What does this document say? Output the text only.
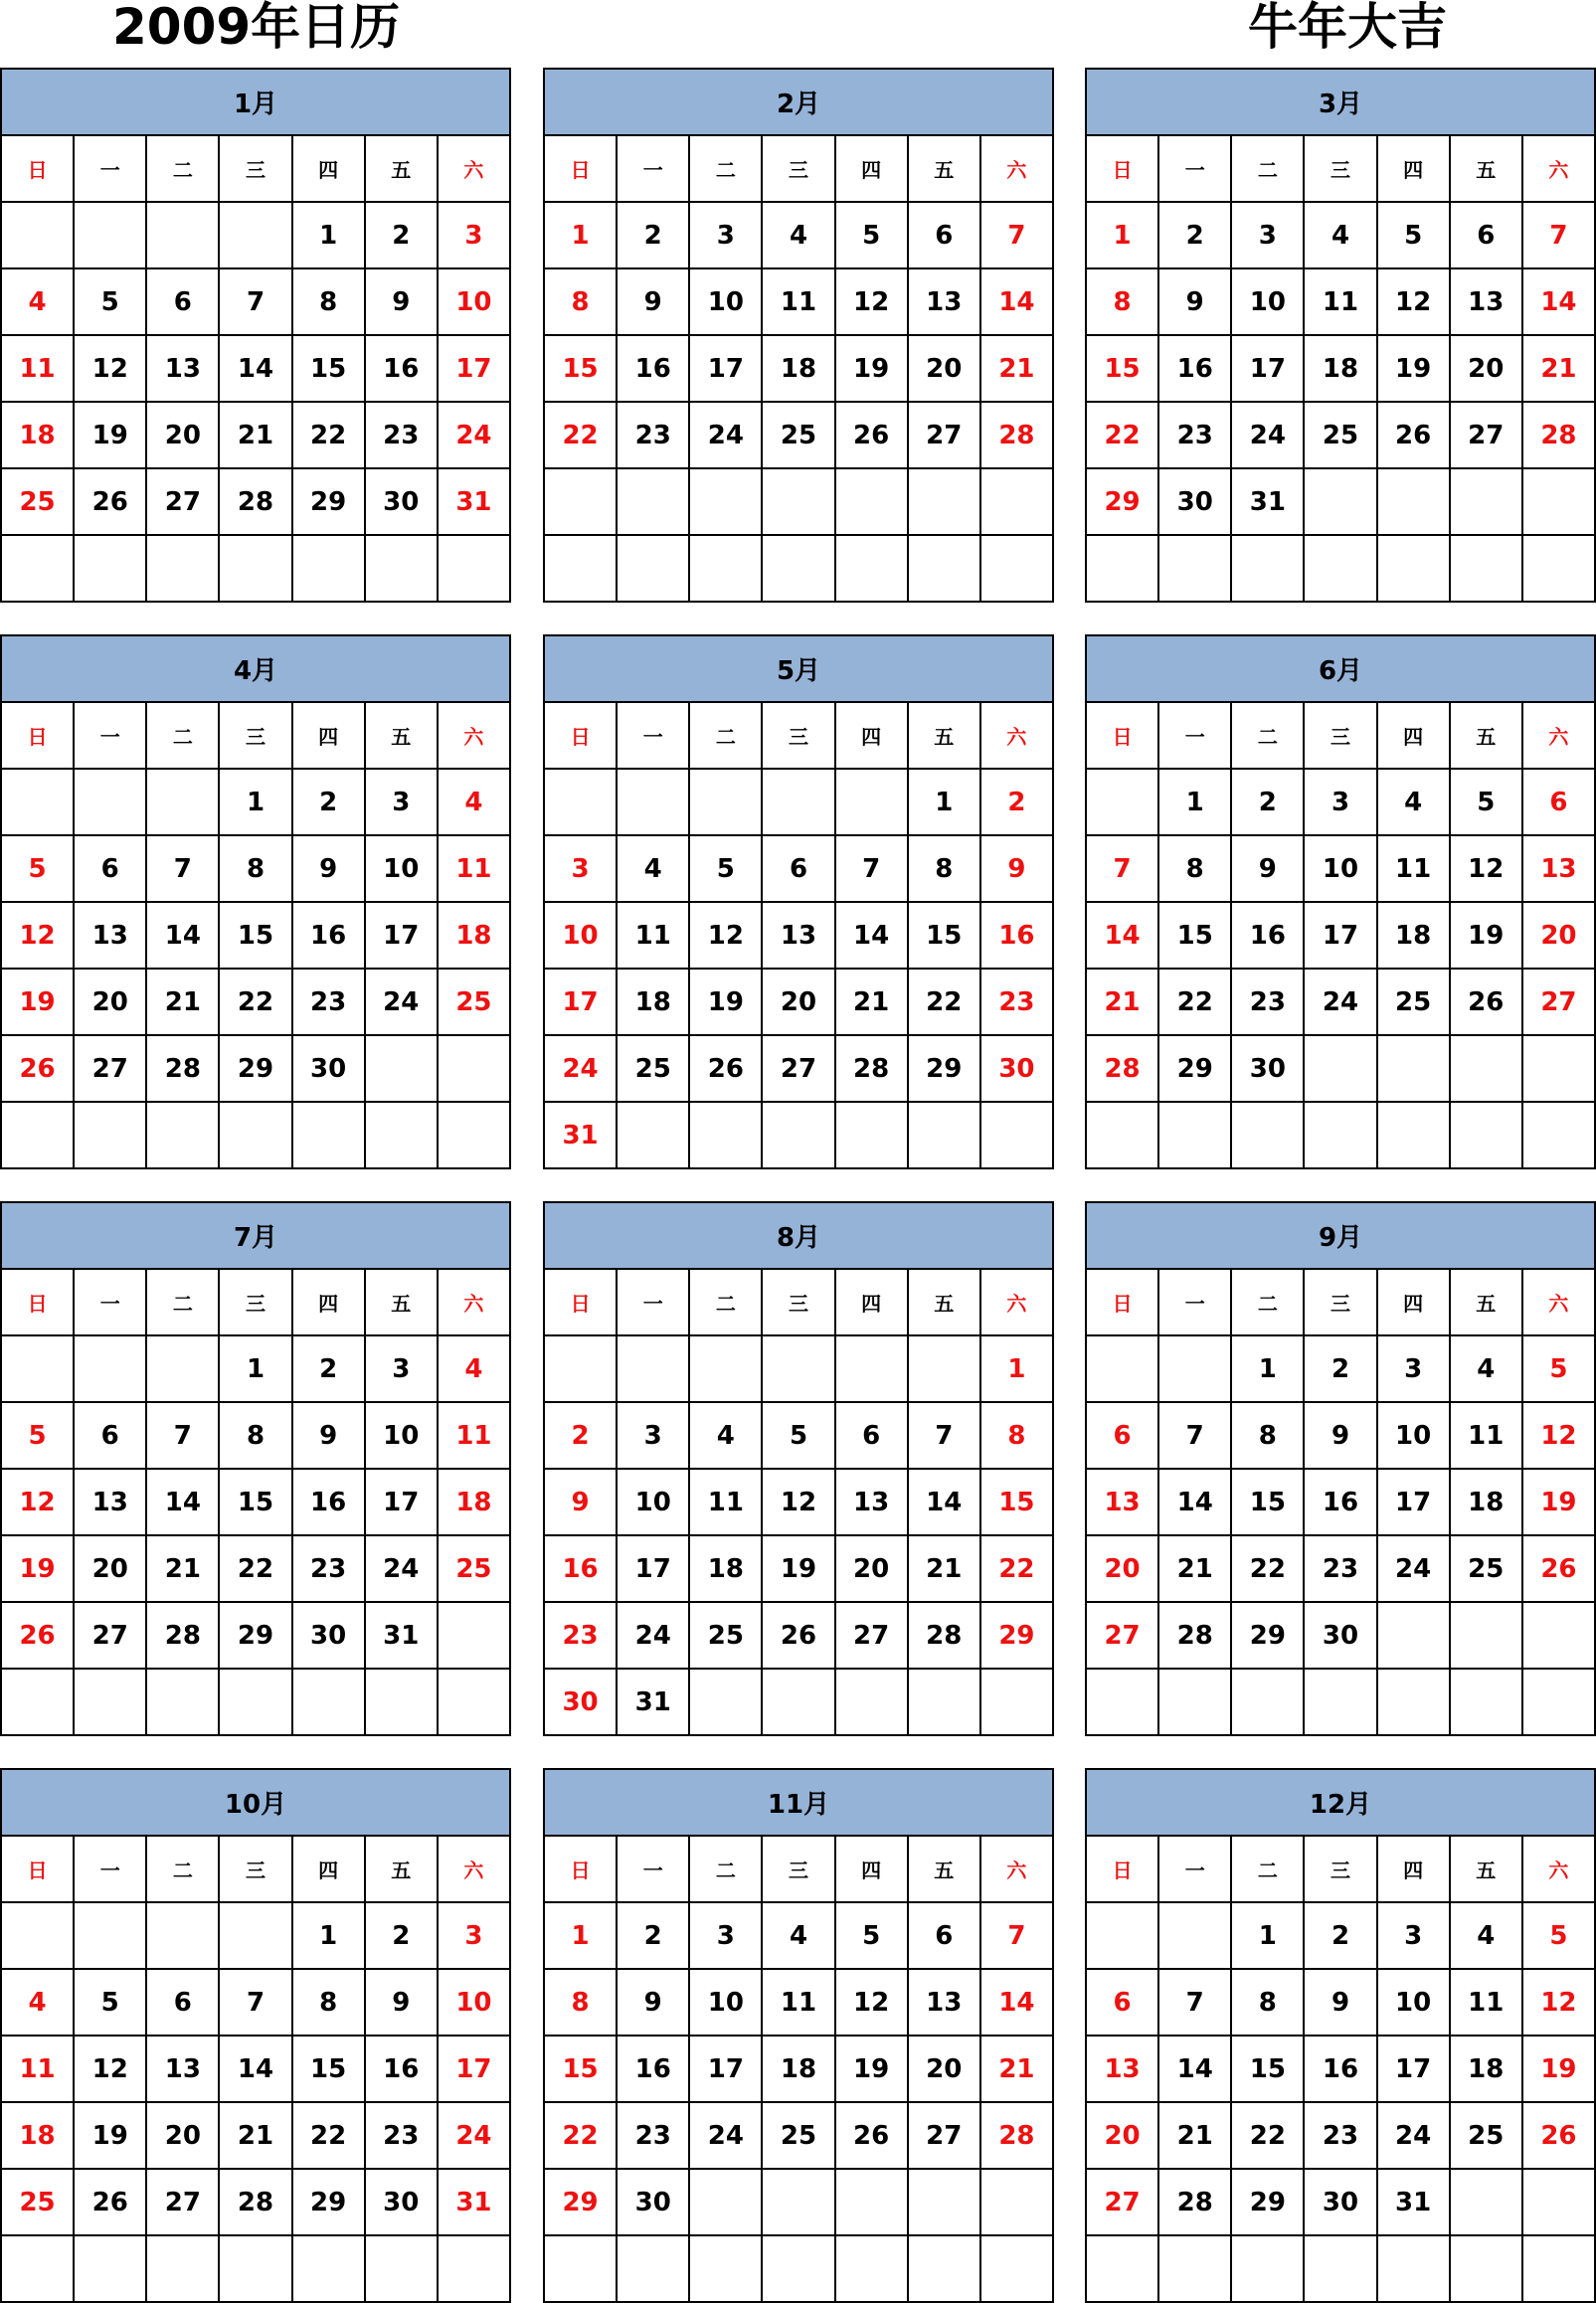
2009年日历	牛年大吉
1月						
日	一	二	三	四	五	六
				1	2	3
4	5	6	7	8	9	10
11	12	13	14	15	16	17
18	19	20	21	22	23	24
25	26	27	28	29	30	31

2月						
日	一	二	三	四	五	六
1	2	3	4	5	6	7
8	9	10	11	12	13	14
15	16	17	18	19	20	21
22	23	24	25	26	27	28

3月						
日	一	二	三	四	五	六
1	2	3	4	5	6	7
8	9	10	11	12	13	14
15	16	17	18	19	20	21
22	23	24	25	26	27	28
29	30	31				

4月						
日	一	二	三	四	五	六
			1	2	3	4
5	6	7	8	9	10	11
12	13	14	15	16	17	18
19	20	21	22	23	24	25
26	27	28	29	30		

5月						
日	一	二	三	四	五	六
					1	2
3	4	5	6	7	8	9
10	11	12	13	14	15	16
17	18	19	20	21	22	23
24	25	26	27	28	29	30
31						
6月						
日	一	二	三	四	五	六
	1	2	3	4	5	6
7	8	9	10	11	12	13
14	15	16	17	18	19	20
21	22	23	24	25	26	27
28	29	30				

7月						
日	一	二	三	四	五	六
			1	2	3	4
5	6	7	8	9	10	11
12	13	14	15	16	17	18
19	20	21	22	23	24	25
26	27	28	29	30	31	

8月						
日	一	二	三	四	五	六
						1
2	3	4	5	6	7	8
9	10	11	12	13	14	15
16	17	18	19	20	21	22
23	24	25	26	27	28	29
30	31					
9月						
日	一	二	三	四	五	六
		1	2	3	4	5
6	7	8	9	10	11	12
13	14	15	16	17	18	19
20	21	22	23	24	25	26
27	28	29	30			

10月						
日	一	二	三	四	五	六
				1	2	3
4	5	6	7	8	9	10
11	12	13	14	15	16	17
18	19	20	21	22	23	24
25	26	27	28	29	30	31

11月						
日	一	二	三	四	五	六
1	2	3	4	5	6	7
8	9	10	11	12	13	14
15	16	17	18	19	20	21
22	23	24	25	26	27	28
29	30					

12月						
日	一	二	三	四	五	六
		1	2	3	4	5
6	7	8	9	10	11	12
13	14	15	16	17	18	19
20	21	22	23	24	25	26
27	28	29	30	31		
